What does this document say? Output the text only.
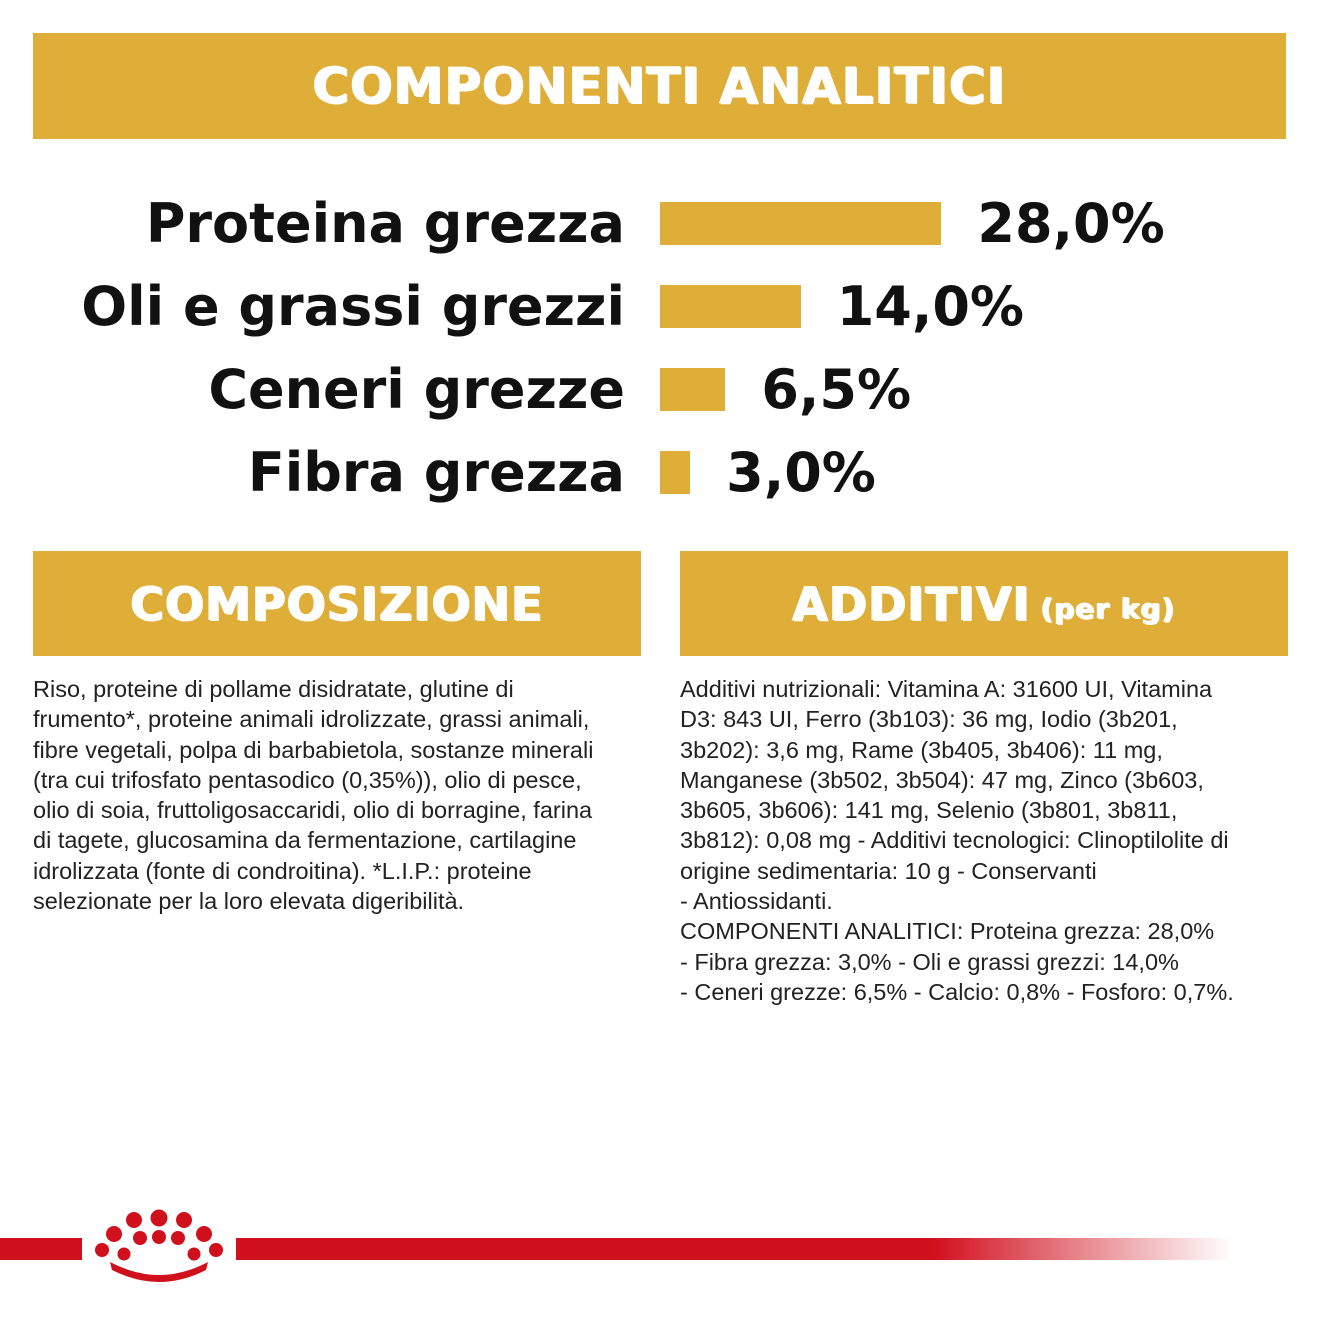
COMPONENTI ANALITICI
Proteina grezza	28,0%
Oli e grassi grezzi	14,0%
Ceneri grezze	6,5%
Fibra grezza 3,0%
COMPOSIZIONE	ADDITIVI (per kg)
Riso, proteine di pollame disidratate, glutine di
frumento*, proteine animali idrolizzate, grassi animali,
fibre vegetali, polpa di barbabietola, sostanze minerali
(tra cui trifosfato pentasodico (0,35%)), olio di pesce,
olio di soia, fruttoligosaccaridi, olio di borragine, farina
di tagete, glucosamina da fermentazione, cartilagine
idrolizzata (fonte di condroitina). *L.I.P.: proteine
selezionate per la loro elevata digeribilità.
Additivi nutrizionali: Vitamina A: 31600 UI, Vitamina
D3: 843 UI, Ferro (3b103): 36 mg, Iodio (3b201,
3b202): 3,6 mg, Rame (3b405, 3b406): 11 mg,
Manganese (3b502, 3b504): 47 mg, Zinco (3b603,
3b605, 3b606): 141 mg, Selenio (3b801, 3b811,
3b812): 0,08 mg - Additivi tecnologici: Clinoptilolite di
origine sedimentaria: 10 g - Conservanti
- Antiossidanti.
COMPONENTI ANALITICI: Proteina grezza: 28,0%
- Fibra grezza: 3,0% - Oli e grassi grezzi: 14,0%
- Ceneri grezze: 6,5% - Calcio: 0,8% - Fosforo: 0,7%.
